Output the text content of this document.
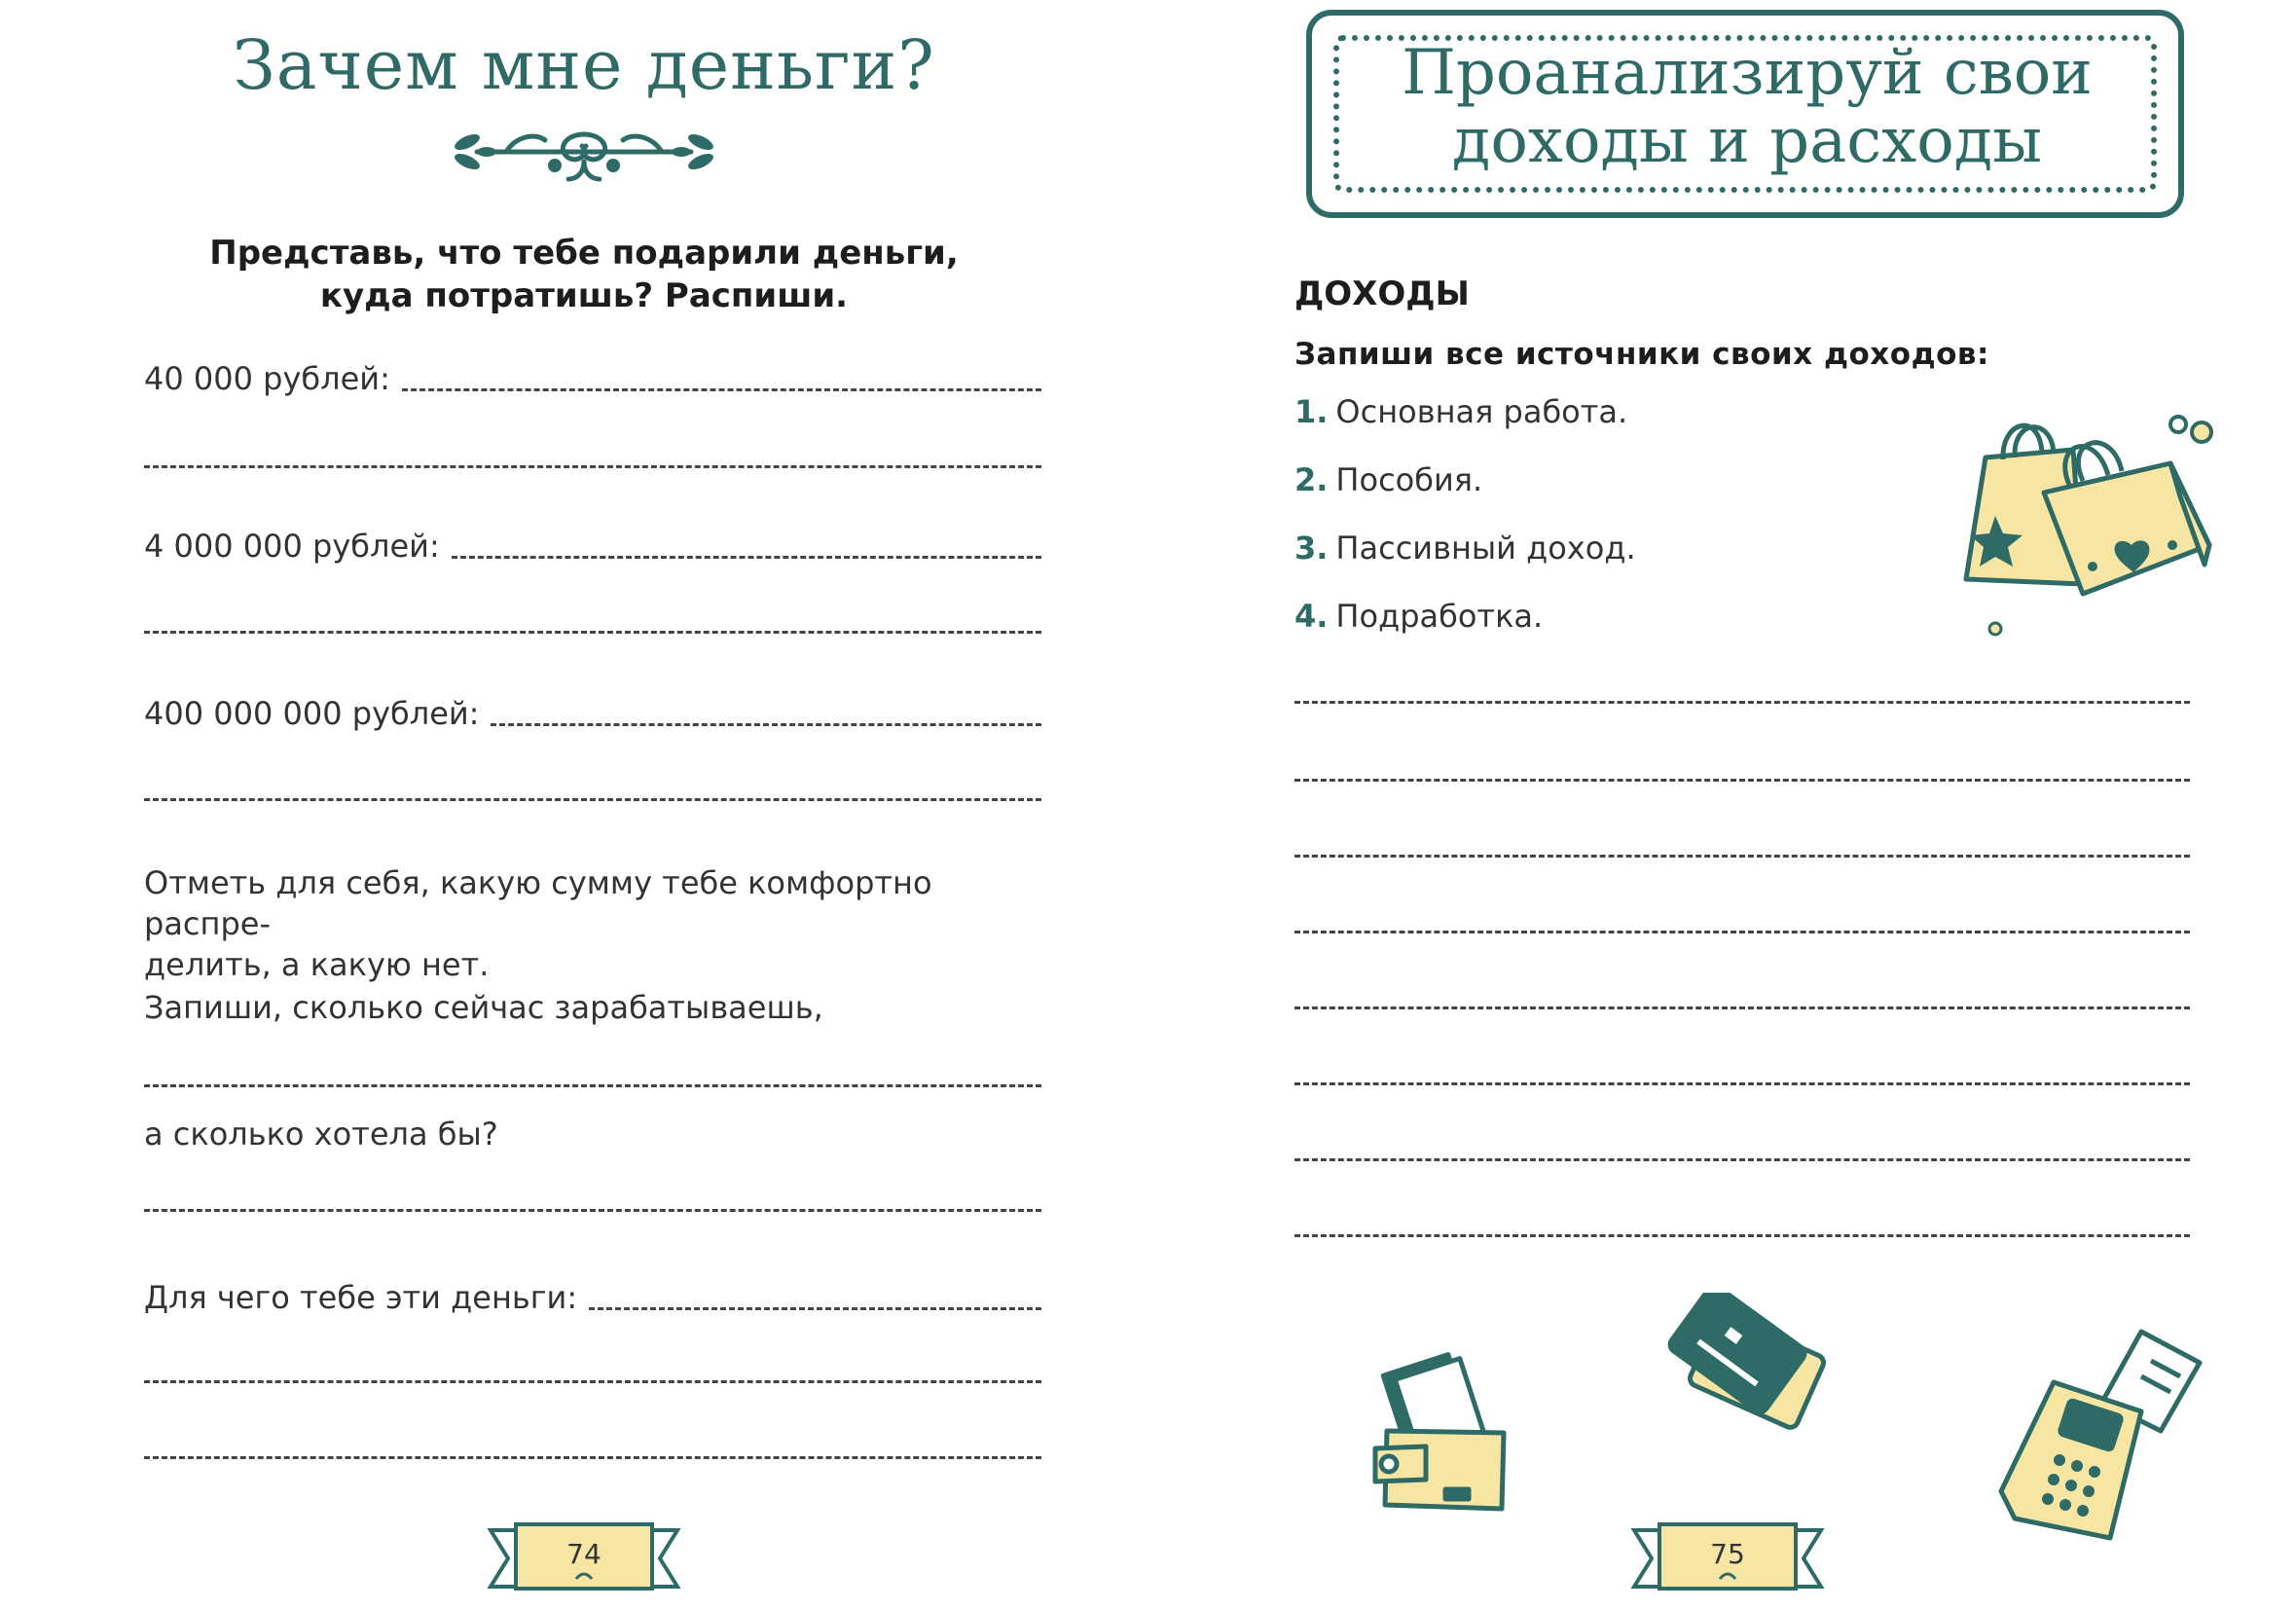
Зачем мне деньги?
Представь, что тебе подарили деньги,
куда потратишь? Распиши.
40 000 рублей:
4 000 000 рублей:
400 000 000 рублей:
Отметь для себя, какую сумму тебе комфортно распре-
делить, а какую нет.
Запиши, сколько сейчас зарабатываешь,
а сколько хотела бы?
Для чего тебе эти деньги:
74
Проанализируй свои
доходы и расходы
ДОХОДЫ
Запиши все источники своих доходов:
1. Основная работа.
2. Пособия.
3. Пассивный доход.
4. Подработка.
75
